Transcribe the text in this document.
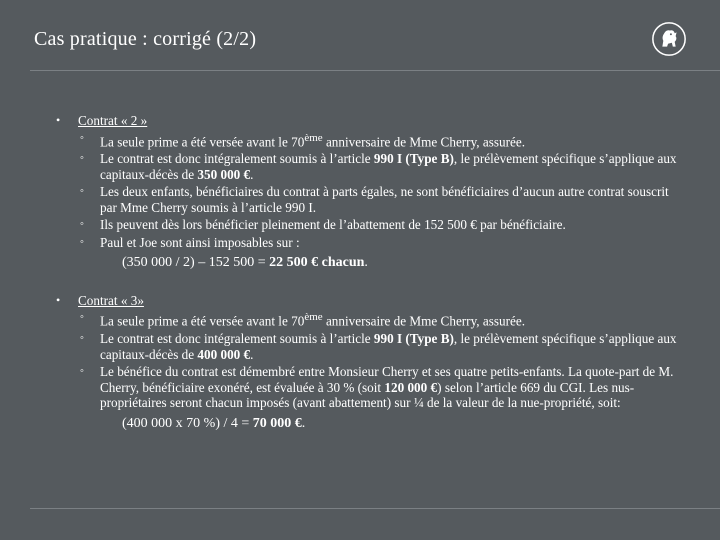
Cas pratique : corrigé (2/2)
• Contrat « 2 »
◦ La seule prime a été versée avant le 70ème anniversaire de Mme Cherry, assurée.
◦ Le contrat est donc intégralement soumis à l’article 990 I (Type B), le prélèvement spécifique s’applique aux capitaux-décès de 350 000 €.
◦ Les deux enfants, bénéficiaires du contrat à parts égales, ne sont bénéficiaires d’aucun autre contrat souscrit par Mme Cherry soumis à l’article 990 I.
◦ Ils peuvent dès lors bénéficier pleinement de l’abattement de 152 500 € par bénéficiaire.
◦ Paul et Joe sont ainsi imposables sur :
(350 000 / 2) – 152 500 = 22 500 € chacun.
• Contrat « 3»
◦ La seule prime a été versée avant le 70ème anniversaire de Mme Cherry, assurée.
◦ Le contrat est donc intégralement soumis à l’article 990 I (Type B), le prélèvement spécifique s’applique aux capitaux-décès de 400 000 €.
◦ Le bénéfice du contrat est démembré entre Monsieur Cherry et ses quatre petits-enfants. La quote-part de M. Cherry, bénéficiaire exonéré, est évaluée à 30 % (soit 120 000 €) selon l’article 669 du CGI. Les nus-propriétaires seront chacun imposés (avant abattement) sur ¼ de la valeur de la nue-propriété, soit:
(400 000 x 70 %) / 4 = 70 000 €.
